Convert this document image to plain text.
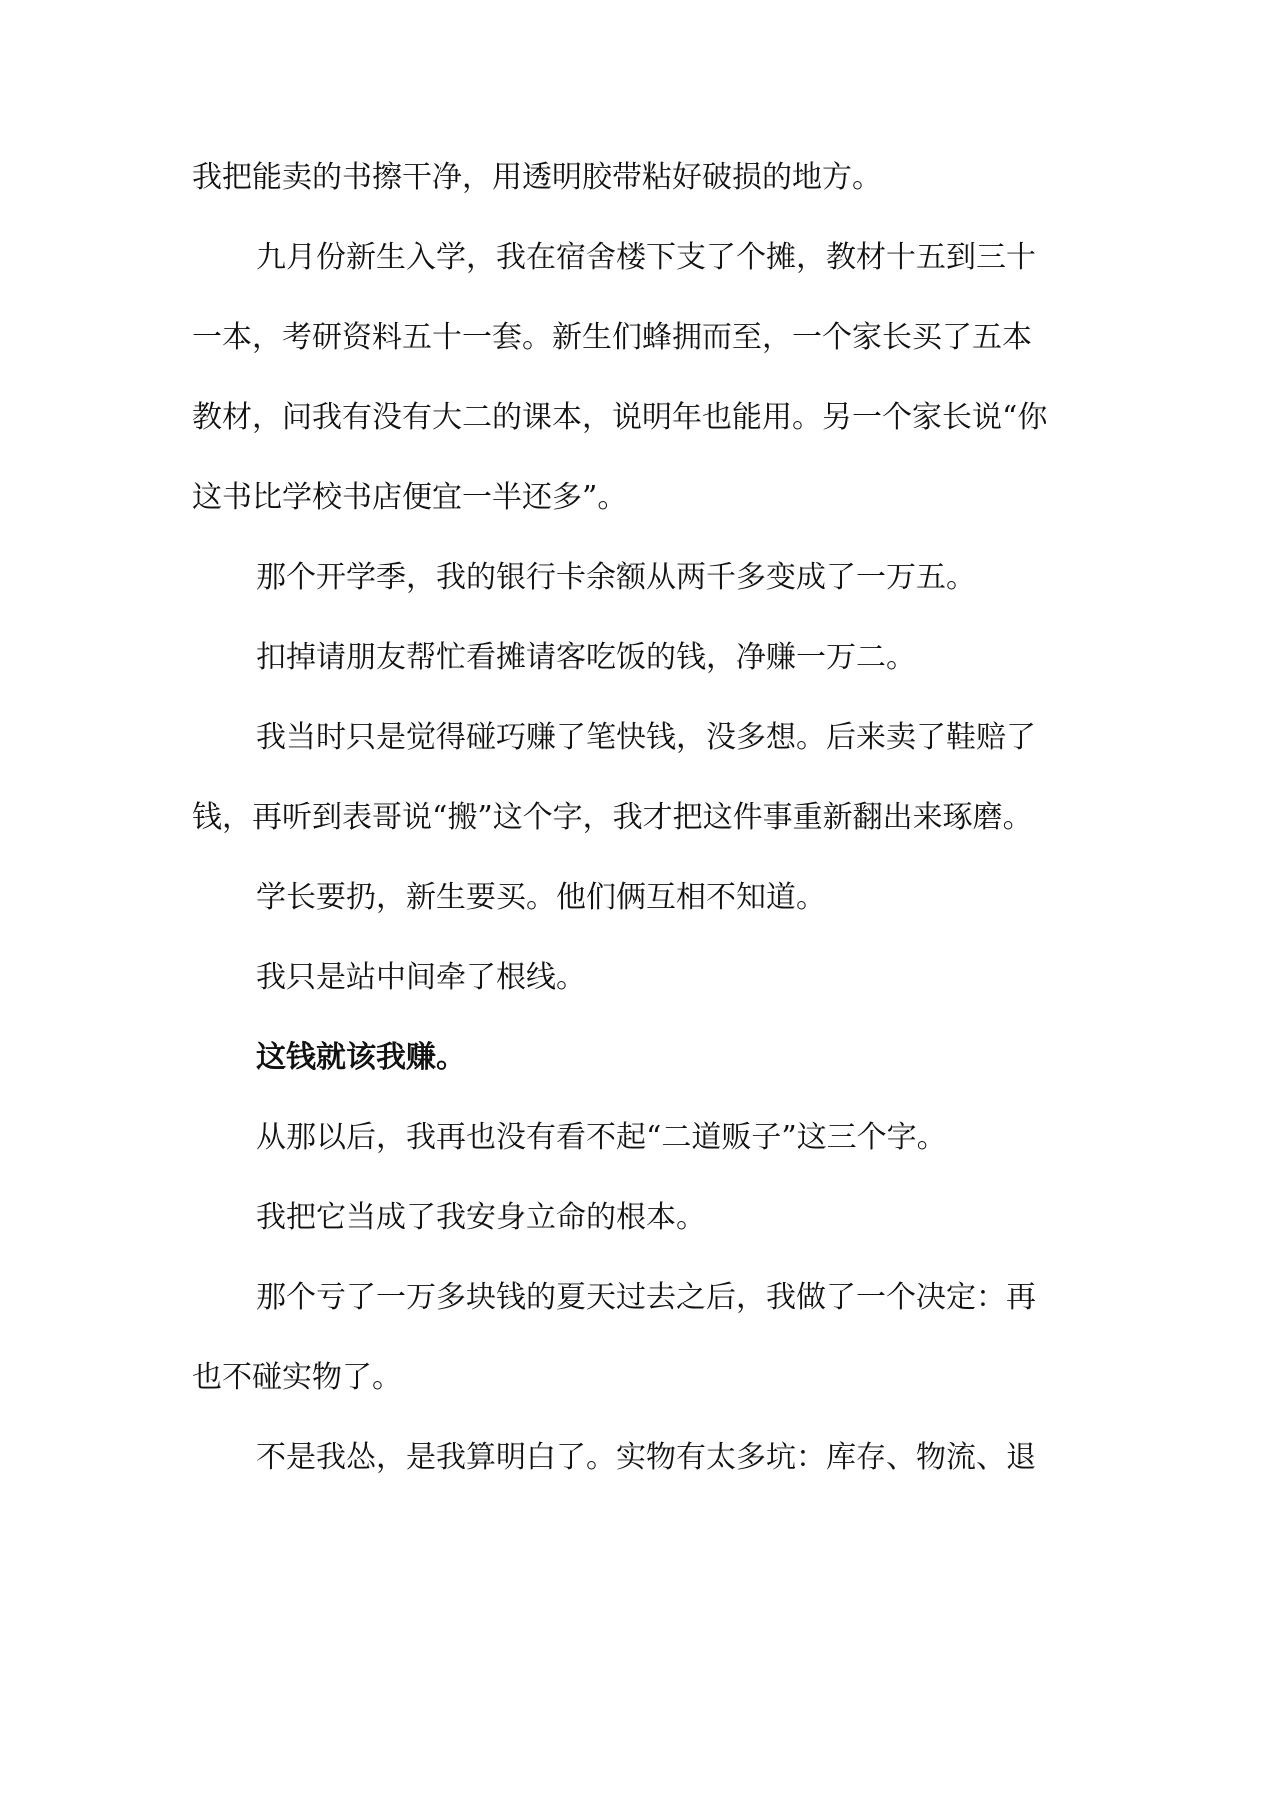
我把能卖的书擦干净，用透明胶带粘好破损的地方。
九月份新生入学，我在宿舍楼下支了个摊，教材十五到三十
一本，考研资料五十一套。新生们蜂拥而至，一个家长买了五本
教材，问我有没有大二的课本，说明年也能用。另一个家长说“你
这书比学校书店便宜一半还多”。
那个开学季，我的银行卡余额从两千多变成了一万五。
扣掉请朋友帮忙看摊请客吃饭的钱，净赚一万二。
我当时只是觉得碰巧赚了笔快钱，没多想。后来卖了鞋赔了
钱，再听到表哥说“搬”这个字，我才把这件事重新翻出来琢磨。
学长要扔，新生要买。他们俩互相不知道。
我只是站中间牵了根线。
这钱就该我赚。
从那以后，我再也没有看不起“二道贩子”这三个字。
我把它当成了我安身立命的根本。
那个亏了一万多块钱的夏天过去之后，我做了一个决定：再
也不碰实物了。
不是我怂，是我算明白了。实物有太多坑：库存、物流、退
